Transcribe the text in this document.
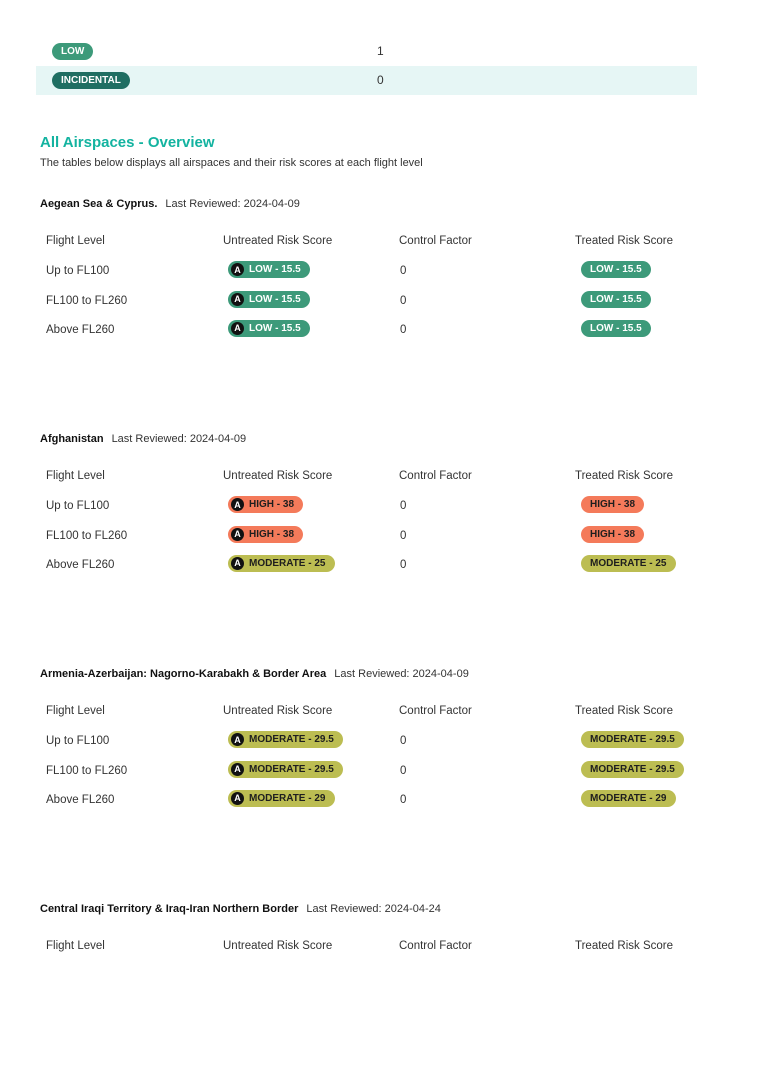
LOW	1
INCIDENTAL	0
All Airspaces - Overview
The tables below displays all airspaces and their risk scores at each flight level
Aegean Sea & Cyprus. Last Reviewed: 2024-04-09
Flight Level	Untreated Risk Score	Control Factor	Treated Risk Score
Up to FL100	A LOW - 15.5	0	LOW - 15.5
FL100 to FL260	A LOW - 15.5	0	LOW - 15.5
Above FL260	A LOW - 15.5	0	LOW - 15.5
Afghanistan Last Reviewed: 2024-04-09
Flight Level	Untreated Risk Score	Control Factor	Treated Risk Score
Up to FL100	A HIGH - 38	0	HIGH - 38
FL100 to FL260	A HIGH - 38	0	HIGH - 38
Above FL260	A MODERATE - 25	0	MODERATE - 25
Armenia-Azerbaijan: Nagorno-Karabakh & Border Area Last Reviewed: 2024-04-09
Flight Level	Untreated Risk Score	Control Factor	Treated Risk Score
Up to FL100	A MODERATE - 29.5	0	MODERATE - 29.5
FL100 to FL260	A MODERATE - 29.5	0	MODERATE - 29.5
Above FL260	A MODERATE - 29	0	MODERATE - 29
Central Iraqi Territory & Iraq-Iran Northern Border Last Reviewed: 2024-04-24
Flight Level	Untreated Risk Score	Control Factor	Treated Risk Score
